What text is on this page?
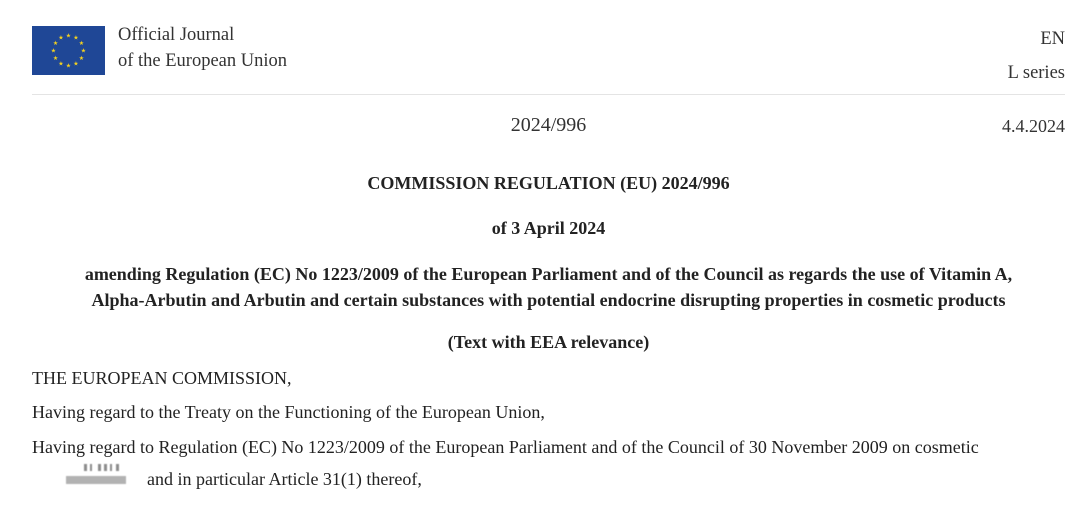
★ ★
★
★
★
★
★
★
★
★
★
★	Official Journal
of the European Union
EN
L series
2024/996	4.4.2024
COMMISSION REGULATION (EU) 2024/996
of 3 April 2024
amending Regulation (EC) No 1223/2009 of the European Parliament and of the Council as regards the use of Vitamin A,
Alpha-Arbutin and Arbutin and certain substances with potential endocrine disrupting properties in cosmetic products
(Text with EEA relevance)
THE EUROPEAN COMMISSION,
Having regard to the Treaty on the Functioning of the European Union,
Having regard to Regulation (EC) No 1223/2009 of the European Parliament and of the Council of 30 November 2009 on cosmetic
and in particular Article 31(1) thereof,
